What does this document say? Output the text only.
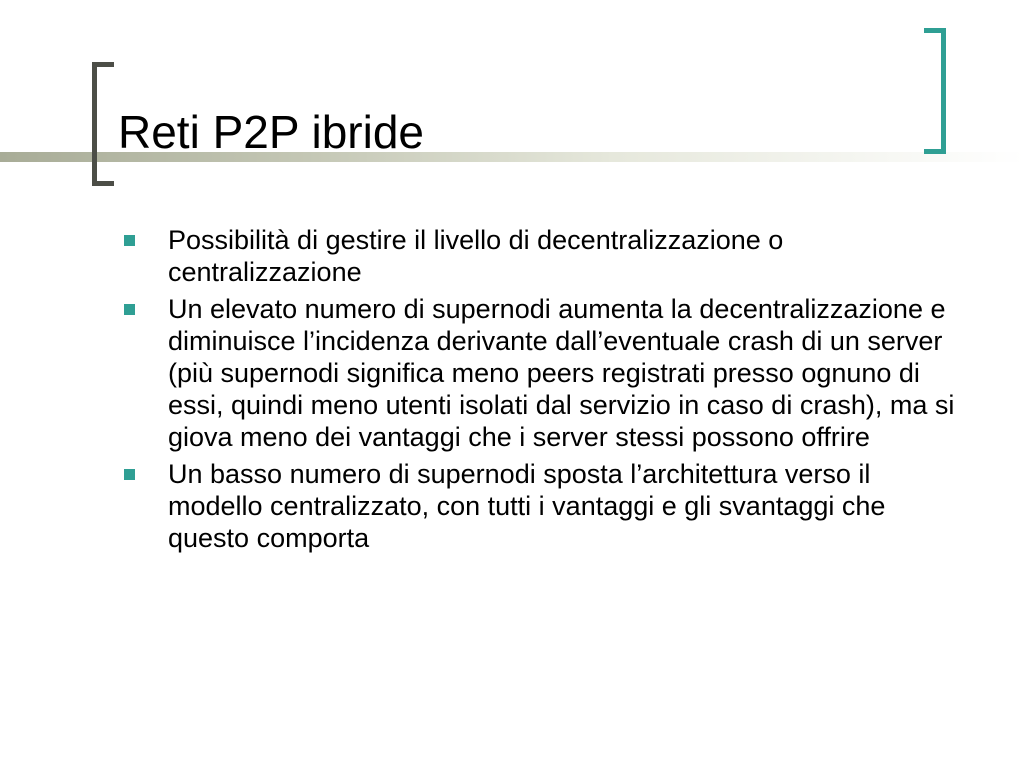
Reti P2P ibride
Possibilità di gestire il livello di decentralizzazione o centralizzazione
Un elevato numero di supernodi aumenta la decentralizzazione e diminuisce l’incidenza derivante dall’eventuale crash di un server (più supernodi significa meno peers registrati presso ognuno di essi, quindi meno utenti isolati dal servizio in caso di crash), ma si giova meno dei vantaggi che i server stessi possono offrire
Un basso numero di supernodi sposta l’architettura verso il modello centralizzato, con tutti i vantaggi e gli svantaggi che questo comporta
